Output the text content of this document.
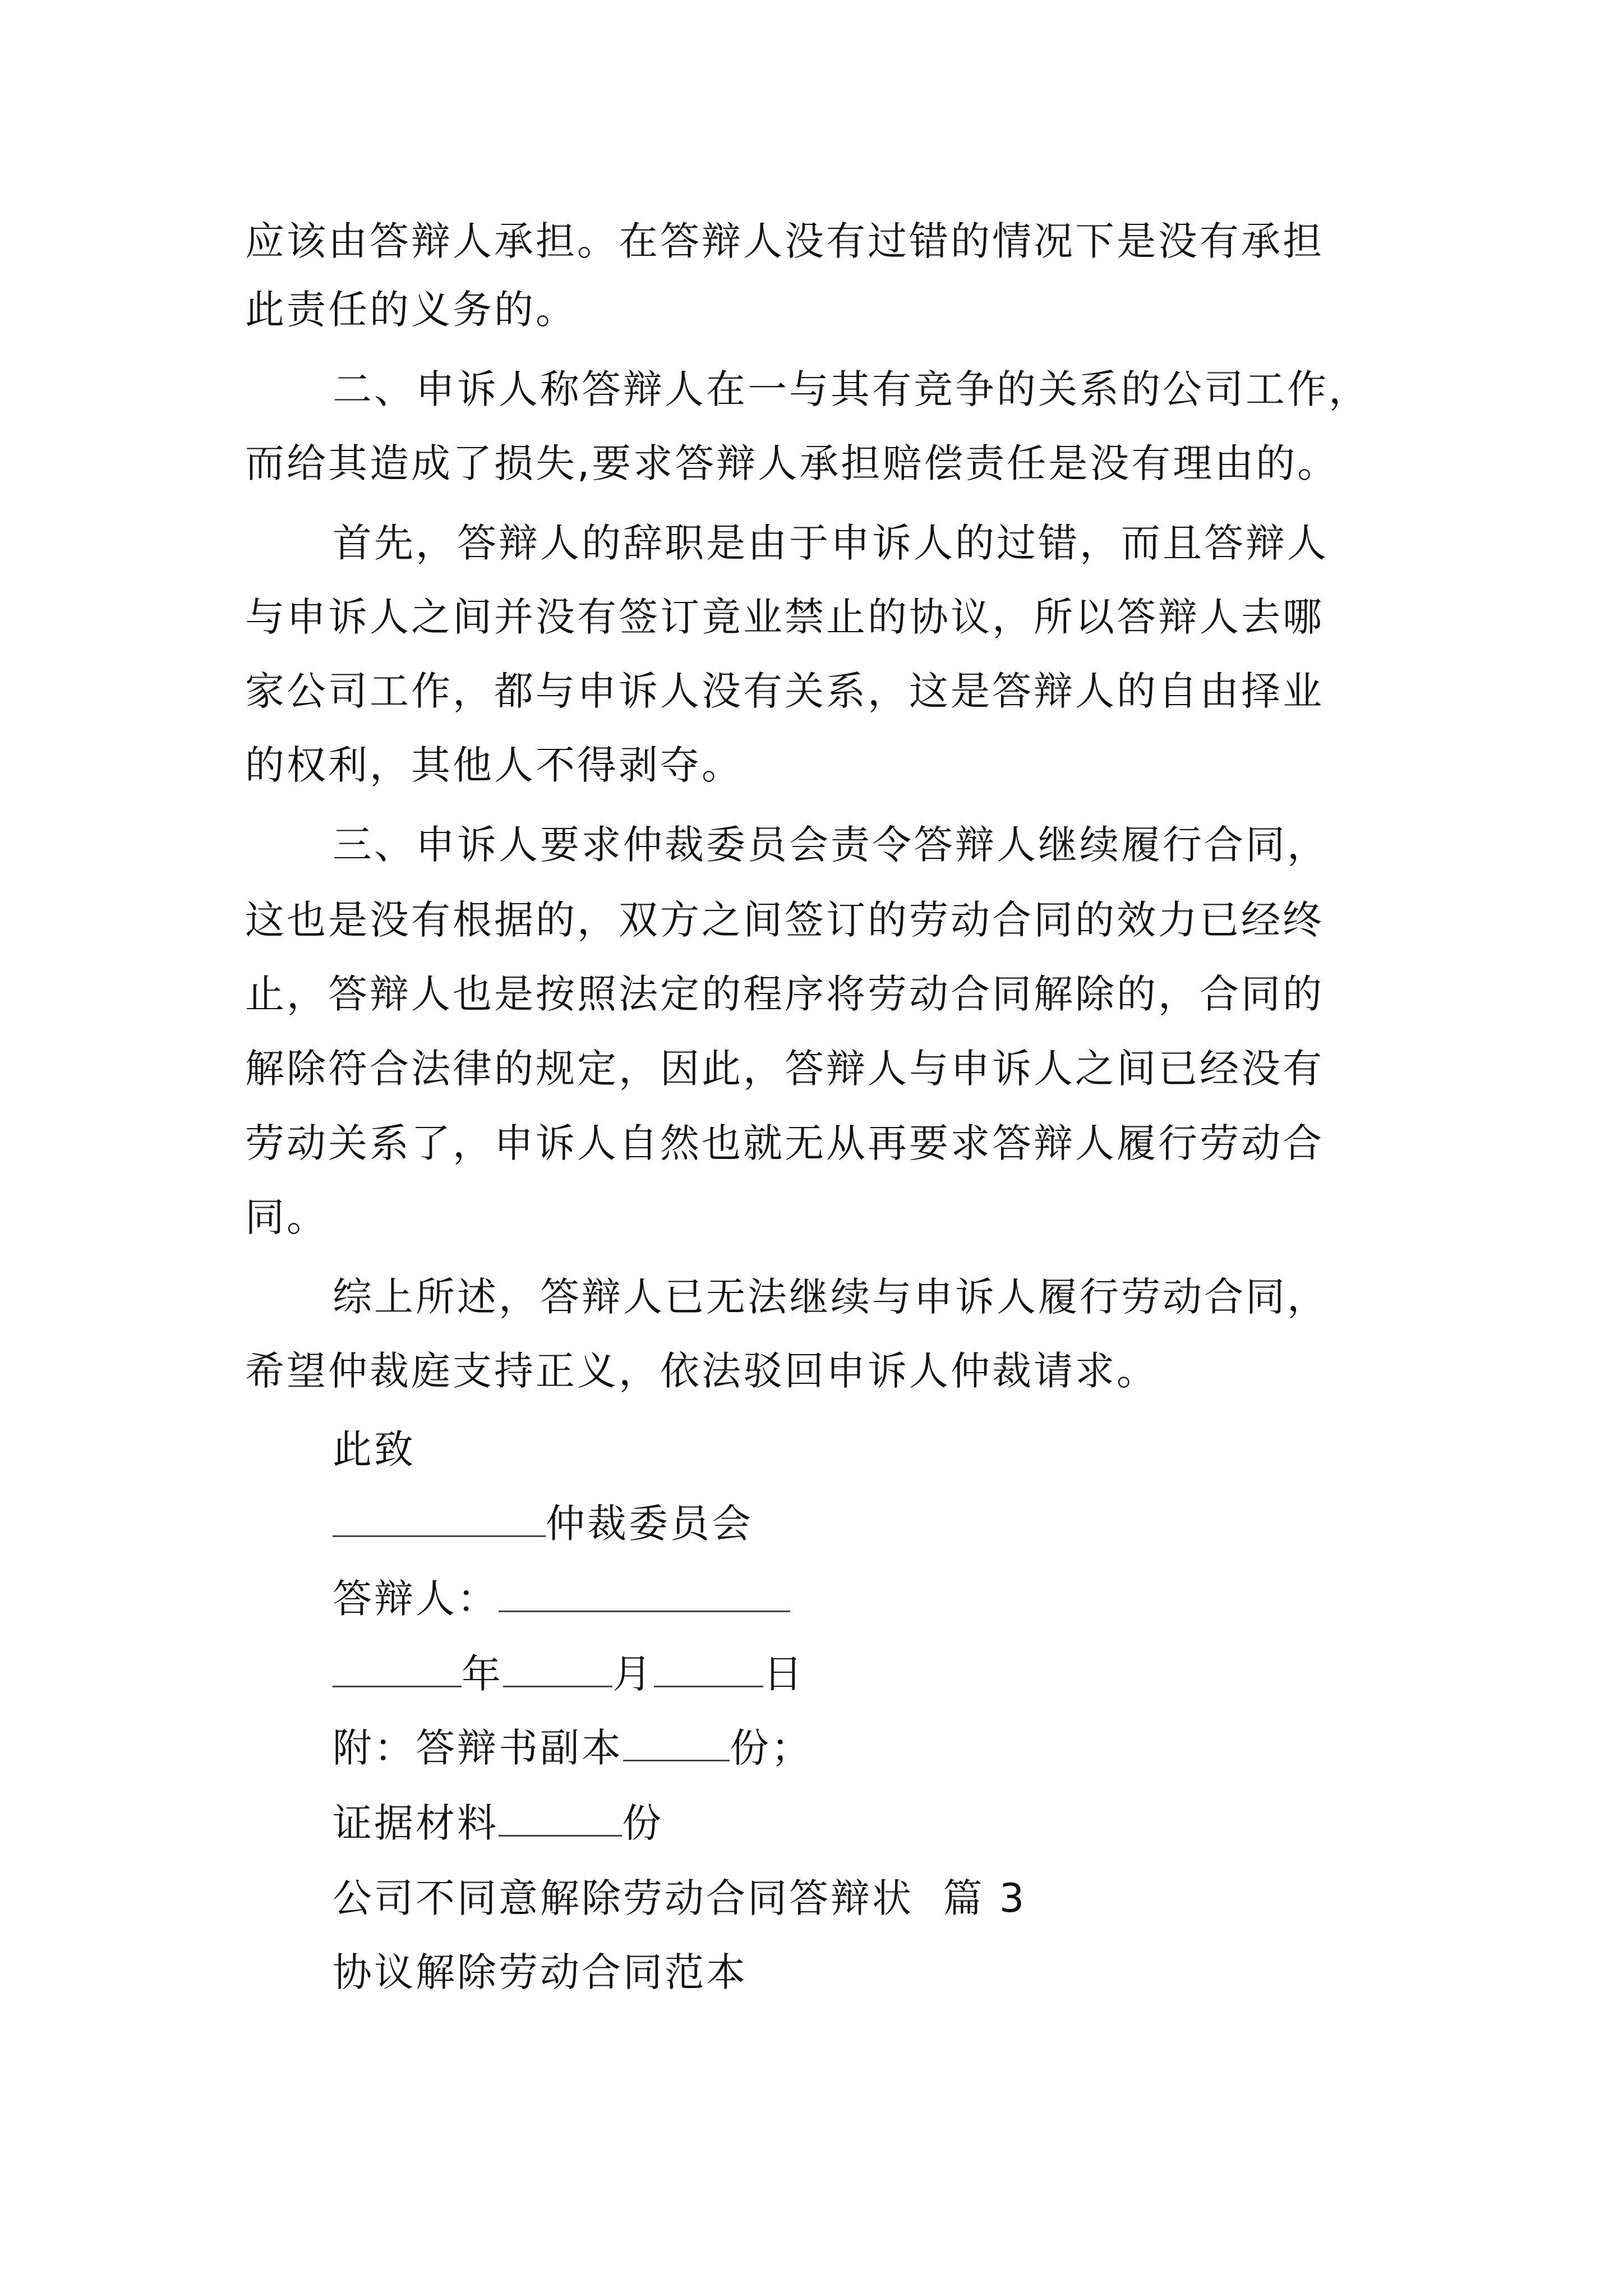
应该由答辩人承担。在答辩人没有过错的情况下是没有承担
此责任的义务的。
二、申诉人称答辩人在一与其有竞争的关系的公司工作，
而给其造成了损失,要求答辩人承担赔偿责任是没有理由的。
首先，答辩人的辞职是由于申诉人的过错，而且答辩人
与申诉人之间并没有签订竟业禁止的协议，所以答辩人去哪
家公司工作，都与申诉人没有关系，这是答辩人的自由择业
的权利，其他人不得剥夺。
三、申诉人要求仲裁委员会责令答辩人继续履行合同，
这也是没有根据的，双方之间签订的劳动合同的效力已经终
止，答辩人也是按照法定的程序将劳动合同解除的，合同的
解除符合法律的规定，因此，答辩人与申诉人之间已经没有
劳动关系了，申诉人自然也就无从再要求答辩人履行劳动合
同。
综上所述，答辩人已无法继续与申诉人履行劳动合同，
希望仲裁庭支持正义，依法驳回申诉人仲裁请求。
此致
仲裁委员会
答辩人：
年	月	日
附：答辩书副本	份；
证据材料	份
公司不同意解除劳动合同答辩状  篇 3
协议解除劳动合同范本
